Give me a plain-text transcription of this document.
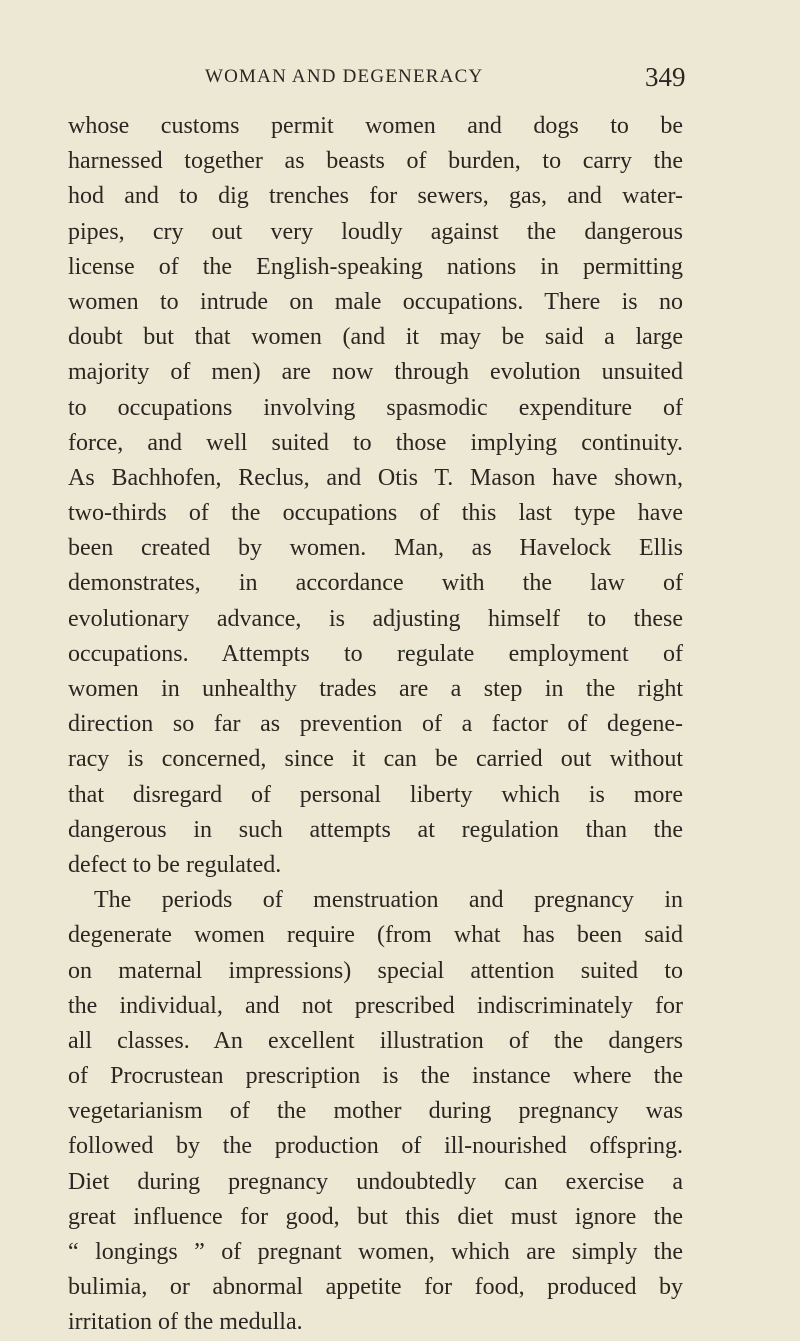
WOMAN AND DEGENERACY	349
whose customs permit women and dogs to be
harnessed together as beasts of burden, to carry the
hod and to dig trenches for sewers, gas, and water-
pipes, cry out very loudly against the dangerous
license of the English-speaking nations in permitting
women to intrude on male occupations. There is no
doubt but that women (and it may be said a large
majority of men) are now through evolution unsuited
to occupations involving spasmodic expenditure of
force, and well suited to those implying continuity.
As Bachhofen, Reclus, and Otis T. Mason have shown,
two-thirds of the occupations of this last type have
been created by women. Man, as Havelock Ellis
demonstrates, in accordance with the law of
evolutionary advance, is adjusting himself to these
occupations. Attempts to regulate employment of
women in unhealthy trades are a step in the right
direction so far as prevention of a factor of degene-
racy is concerned, since it can be carried out without
that disregard of personal liberty which is more
dangerous in such attempts at regulation than the
defect to be regulated.
The periods of menstruation and pregnancy in
degenerate women require (from what has been said
on maternal impressions) special attention suited to
the individual, and not prescribed indiscriminately for
all classes. An excellent illustration of the dangers
of Procrustean prescription is the instance where the
vegetarianism of the mother during pregnancy was
followed by the production of ill-nourished offspring.
Diet during pregnancy undoubtedly can exercise a
great influence for good, but this diet must ignore the
“ longings ” of pregnant women, which are simply the
bulimia, or abnormal appetite for food, produced by
irritation of the medulla.
